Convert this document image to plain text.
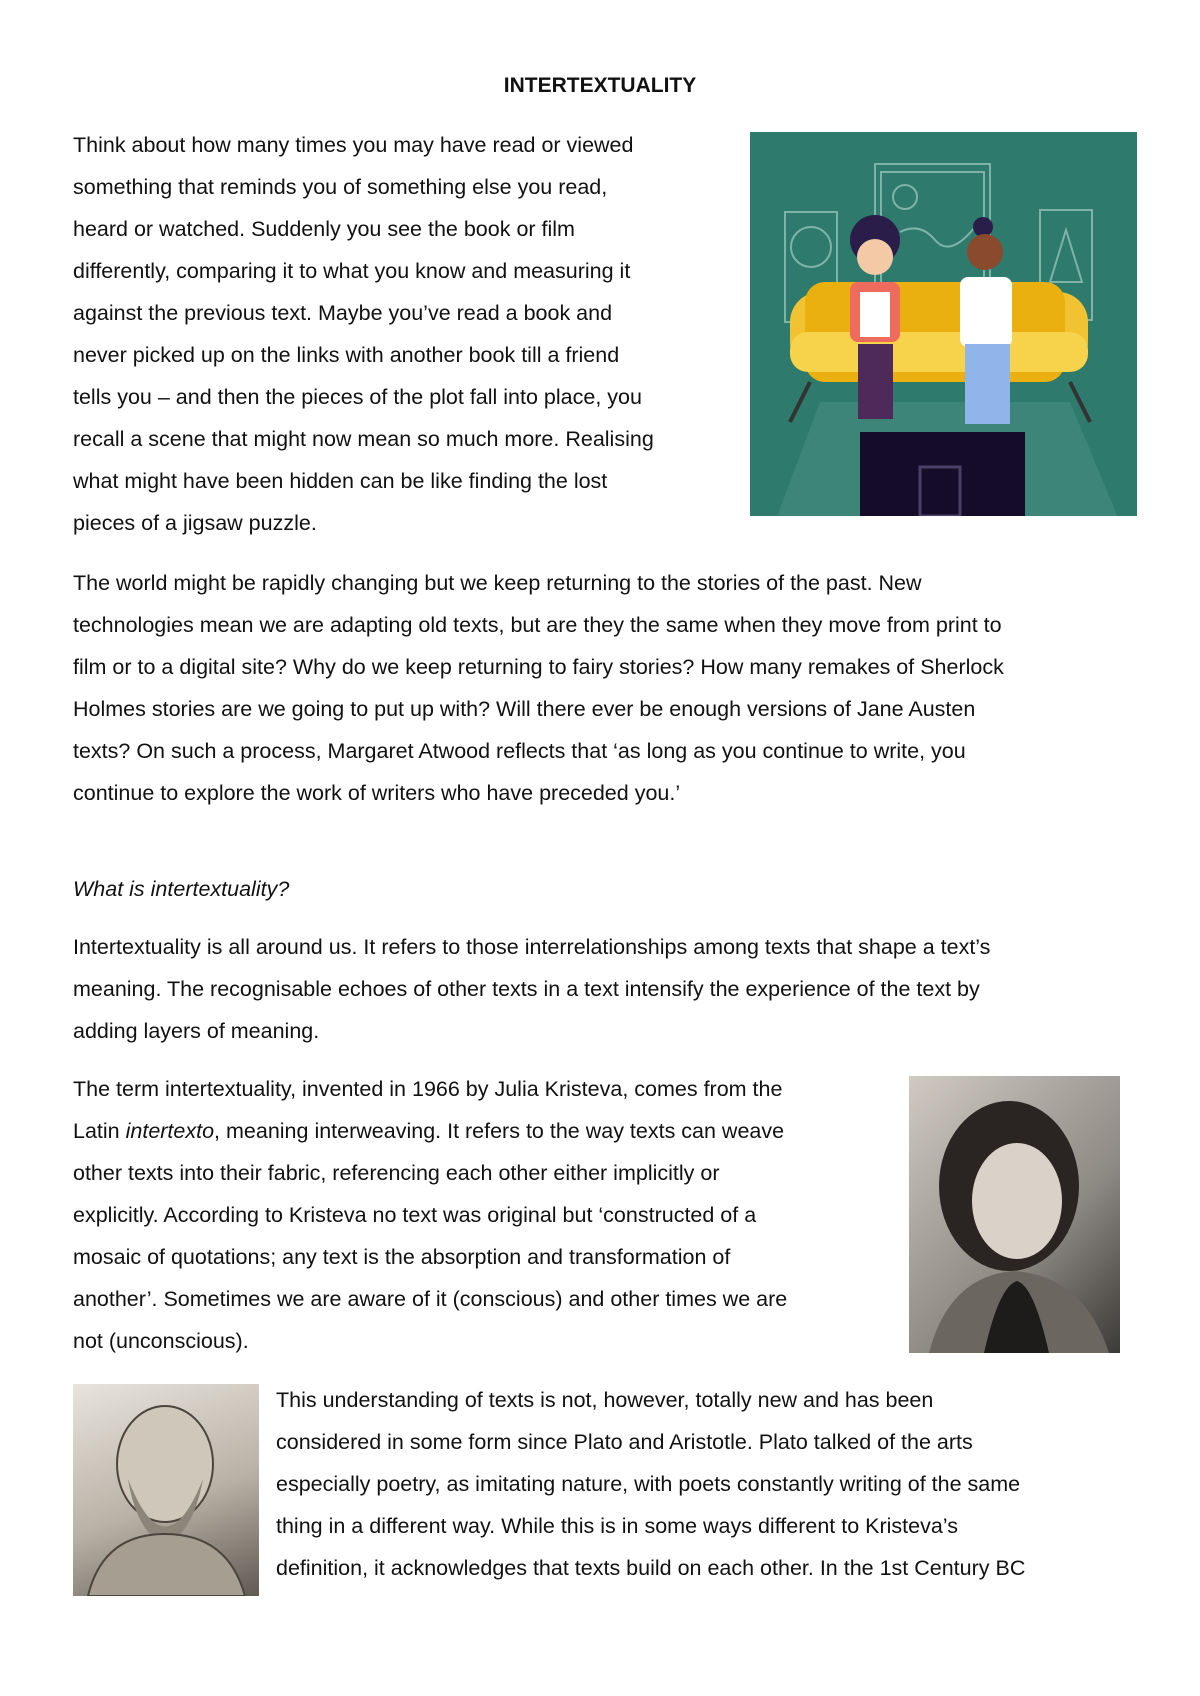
INTERTEXTUALITY
Think about how many times you may have read or viewed
something that reminds you of something else you read,
heard or watched. Suddenly you see the book or film
differently, comparing it to what you know and measuring it
against the previous text. Maybe you’ve read a book and
never picked up on the links with another book till a friend
tells you – and then the pieces of the plot fall into place, you
recall a scene that might now mean so much more. Realising
what might have been hidden can be like finding the lost
pieces of a jigsaw puzzle.
The world might be rapidly changing but we keep returning to the stories of the past. New
technologies mean we are adapting old texts, but are they the same when they move from print to
film or to a digital site? Why do we keep returning to fairy stories? How many remakes of Sherlock
Holmes stories are we going to put up with? Will there ever be enough versions of Jane Austen
texts? On such a process, Margaret Atwood reflects that ‘as long as you continue to write, you
continue to explore the work of writers who have preceded you.’
What is intertextuality?
Intertextuality is all around us. It refers to those interrelationships among texts that shape a text’s
meaning. The recognisable echoes of other texts in a text intensify the experience of the text by
adding layers of meaning.
The term intertextuality, invented in 1966 by Julia Kristeva, comes from the
Latin intertexto, meaning interweaving. It refers to the way texts can weave
other texts into their fabric, referencing each other either implicitly or
explicitly. According to Kristeva no text was original but ‘constructed of a
mosaic of quotations; any text is the absorption and transformation of
another’. Sometimes we are aware of it (conscious) and other times we are
not (unconscious).
This understanding of texts is not, however, totally new and has been
considered in some form since Plato and Aristotle. Plato talked of the arts
especially poetry, as imitating nature, with poets constantly writing of the same
thing in a different way. While this is in some ways different to Kristeva’s
definition, it acknowledges that texts build on each other. In the 1st Century BC
